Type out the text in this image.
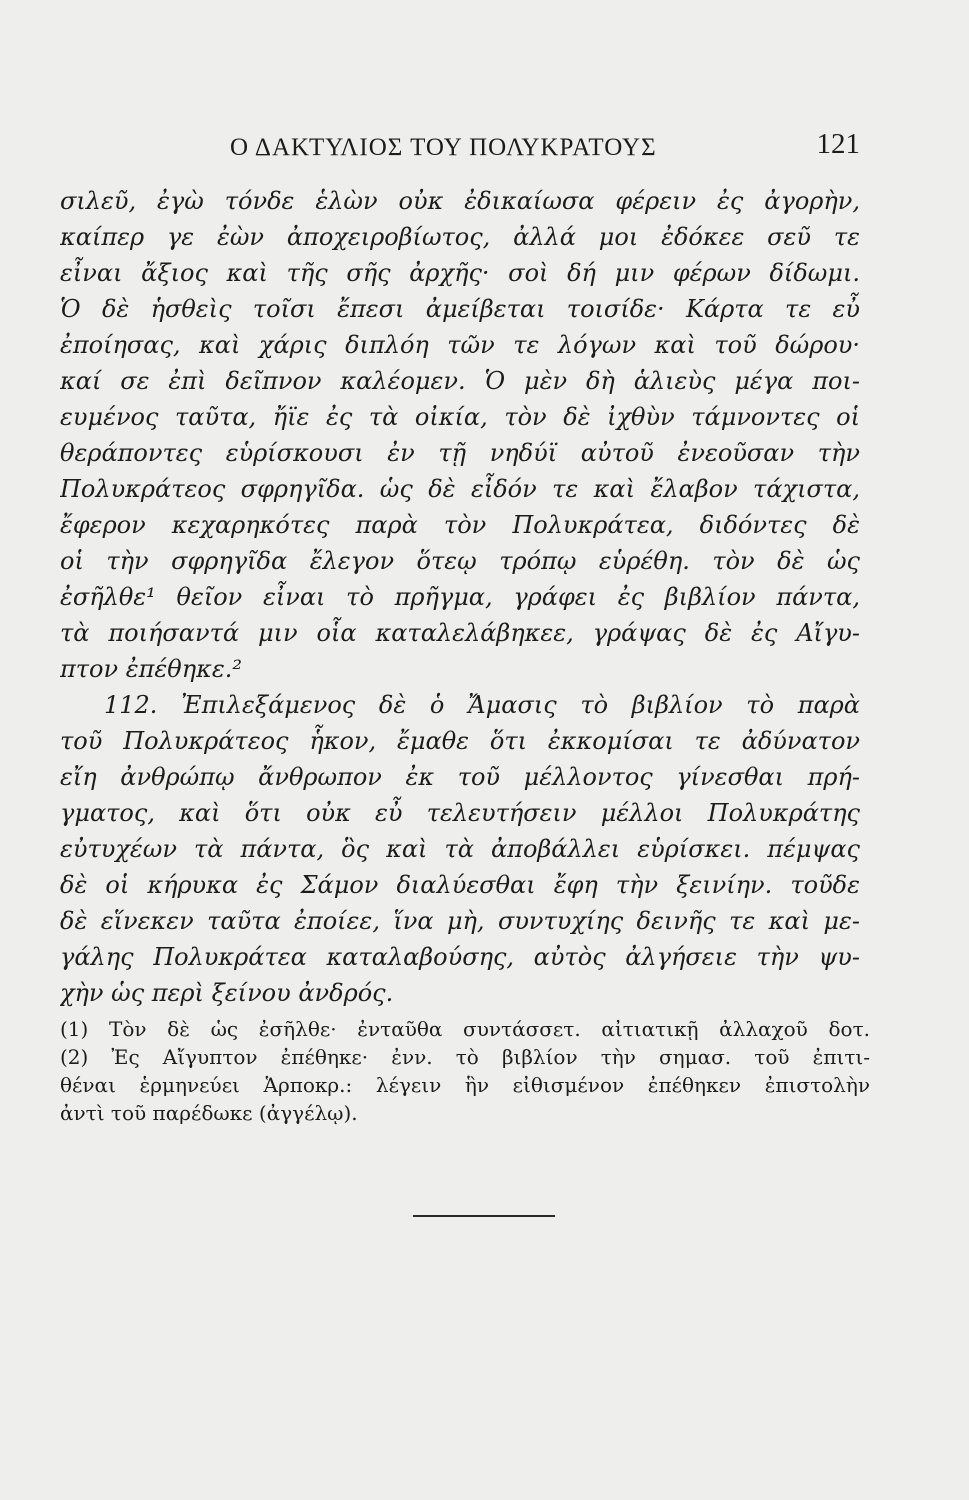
Ο ΔΑΚΤΥΛΙΟΣ ΤΟΥ ΠΟΛΥΚΡΑΤΟΥΣ	121
σιλεῦ, ἐγὼ τόνδε ἑλὼν οὐκ ἐδικαίωσα φέρειν ἐς ἀγορὴν,
καίπερ γε ἐὼν ἀποχειροβίωτος, ἀλλά μοι ἐδόκεε σεῦ τε
εἶναι ἄξιος καὶ τῆς σῆς ἀρχῆς· σοὶ δή μιν φέρων δίδωμι.
Ὁ δὲ ἡσθεὶς τοῖσι ἔπεσι ἀμείβεται τοισίδε· Κάρτα τε εὖ
ἐποίησας, καὶ χάρις διπλόη τῶν τε λόγων καὶ τοῦ δώρου·
καί σε ἐπὶ δεῖπνον καλέομεν. Ὁ μὲν δὴ ἁλιεὺς μέγα ποι-
ευμένος ταῦτα, ἤϊε ἐς τὰ οἰκία, τὸν δὲ ἰχθὺν τάμνοντες οἱ
θεράποντες εὑρίσκουσι ἐν τῇ νηδύϊ αὐτοῦ ἐνεοῦσαν τὴν
Πολυκράτεος σφρηγῖδα. ὡς δὲ εἶδόν τε καὶ ἔλαβον τάχιστα,
ἔφερον κεχαρηκότες παρὰ τὸν Πολυκράτεα, διδόντες δὲ
οἱ τὴν σφρηγῖδα ἔλεγον ὅτεῳ τρόπῳ εὑρέθη. τὸν δὲ ὡς
ἐσῆλθε¹ θεῖον εἶναι τὸ πρῆγμα, γράφει ἐς βιβλίον πάντα,
τὰ ποιήσαντά μιν οἷα καταλελάβηκεε, γράψας δὲ ἐς Αἴγυ-
πτον ἐπέθηκε.²
112. Ἐπιλεξάμενος δὲ ὁ Ἄμασις τὸ βιβλίον τὸ παρὰ
τοῦ Πολυκράτεος ἧκον, ἔμαθε ὅτι ἐκκομίσαι τε ἀδύνατον
εἴη ἀνθρώπῳ ἄνθρωπον ἐκ τοῦ μέλλοντος γίνεσθαι πρή-
γματος, καὶ ὅτι οὐκ εὖ τελευτήσειν μέλλοι Πολυκράτης
εὐτυχέων τὰ πάντα, ὃς καὶ τὰ ἀποβάλλει εὑρίσκει. πέμψας
δὲ οἱ κήρυκα ἐς Σάμον διαλύεσθαι ἔφη τὴν ξεινίην. τοῦδε
δὲ εἵνεκεν ταῦτα ἐποίεε, ἵνα μὴ, συντυχίης δεινῆς τε καὶ με-
γάλης Πολυκράτεα καταλαβούσης, αὐτὸς ἀλγήσειε τὴν ψυ-
χὴν ὡς περὶ ξείνου ἀνδρός.
(1) Τὸν δὲ ὡς ἐσῆλθε· ἐνταῦθα συντάσσετ. αἰτιατικῇ ἀλλαχοῦ δοτ.
(2) Ἐς Αἴγυπτον ἐπέθηκε· ἐνν. τὸ βιβλίον τὴν σημασ. τοῦ ἐπιτι-
θέναι ἑρμηνεύει Ἁρποκρ.: λέγειν ἣν εἰθισμένον ἐπέθηκεν ἐπιστολὴν
ἀντὶ τοῦ παρέδωκε (ἀγγέλῳ).
